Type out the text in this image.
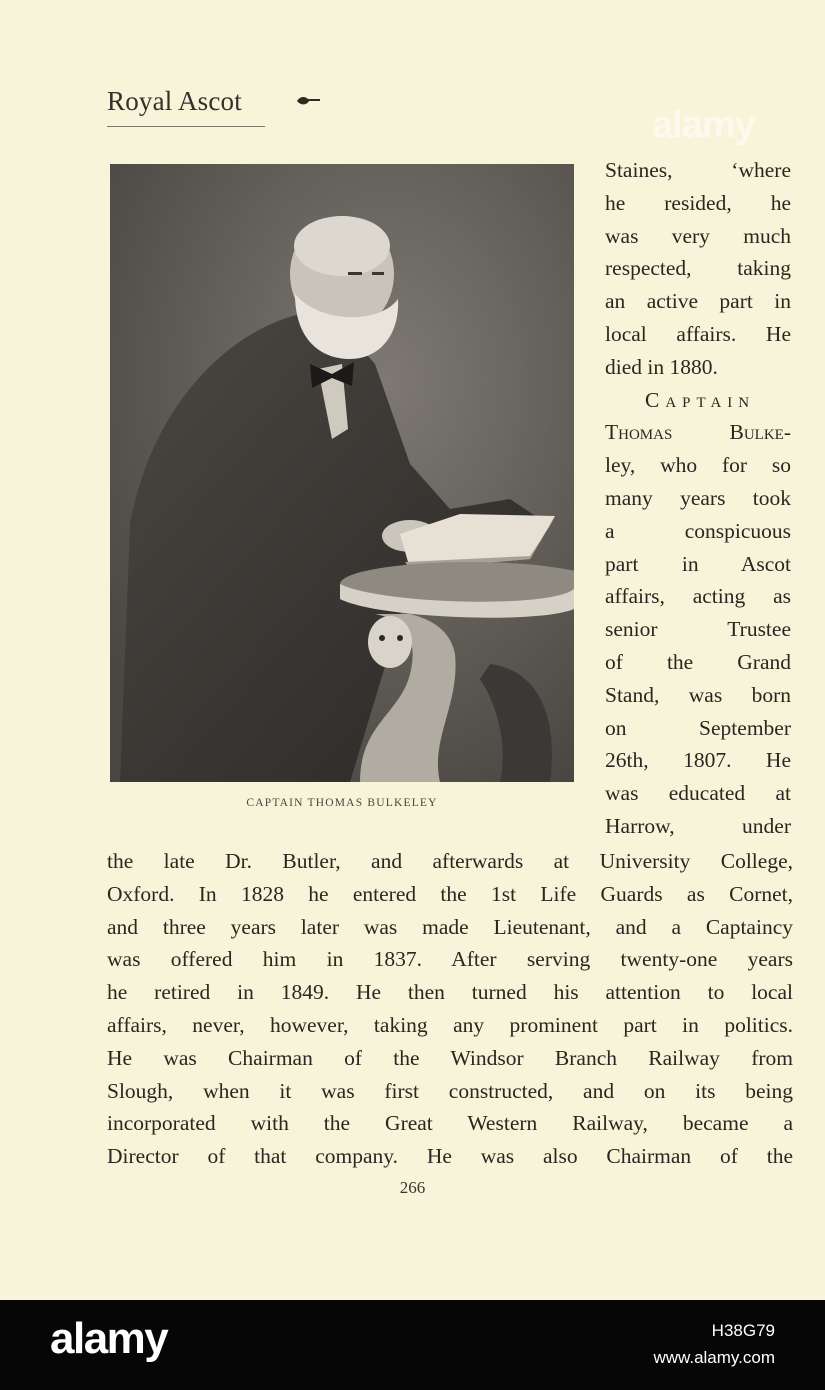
Royal Ascot
alamy
CAPTAIN THOMAS BULKELEY
Staines, ‘where
he resided, he
was very much
respected, taking
an active part in
local affairs. He
died in 1880.
Captain
Thomas Bulke-
ley, who for so
many years took
a conspicuous
part in Ascot
affairs, acting as
senior Trustee
of the Grand
Stand, was born
on September
26th, 1807. He
was educated at
Harrow, under
the late Dr. Butler, and afterwards at University College,
Oxford. In 1828 he entered the 1st Life Guards as Cornet,
and three years later was made Lieutenant, and a Captaincy
was offered him in 1837. After serving twenty-one years
he retired in 1849. He then turned his attention to local
affairs, never, however, taking any prominent part in politics.
He was Chairman of the Windsor Branch Railway from
Slough, when it was first constructed, and on its being
incorporated with the Great Western Railway, became a
Director of that company. He was also Chairman of the
266
alamy	H38G79
www.alamy.com
